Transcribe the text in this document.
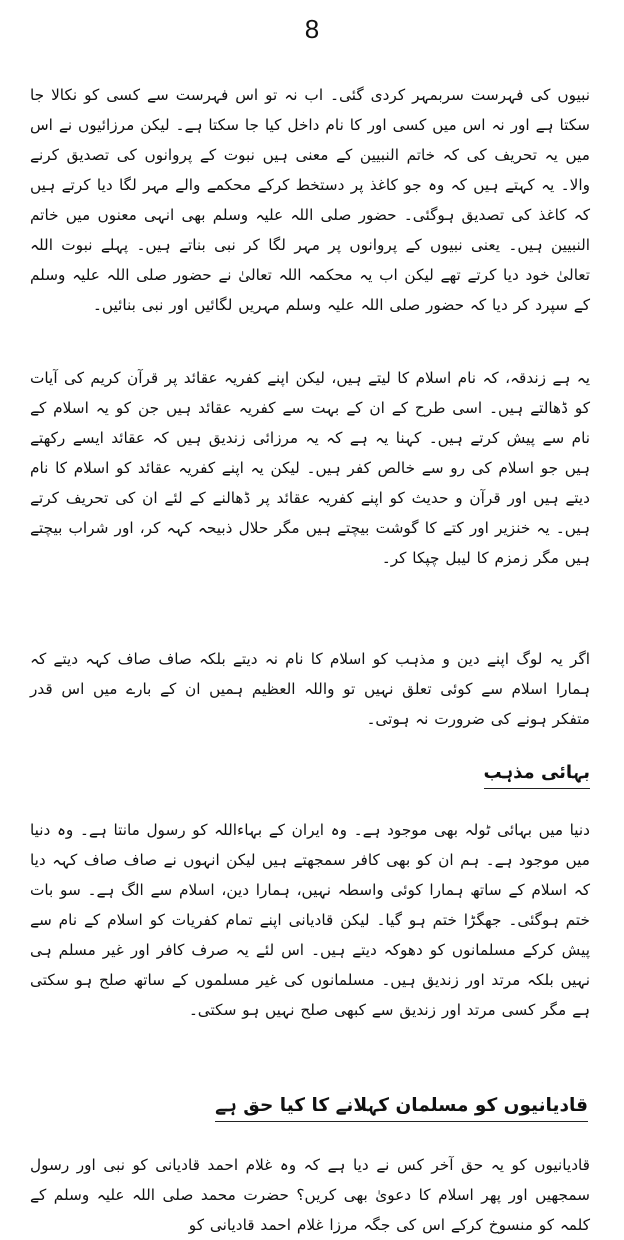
8

نبیوں کی فہرست سربمہر کردی گئی۔ اب نہ تو اس فہرست سے کسی کو نکالا جا سکتا ہے اور نہ اس میں کسی اور کا نام داخل کیا جا سکتا ہے۔ لیکن مرزائیوں نے اس میں یہ تحریف کی کہ خاتم النبیین کے معنی ہیں نبوت کے پروانوں کی تصدیق کرنے والا۔ یہ کہتے ہیں کہ وہ جو کاغذ پر دستخط کرکے محکمے والے مہر لگا دیا کرتے ہیں کہ کاغذ کی تصدیق ہوگئی۔ حضور صلی اللہ علیہ وسلم بھی انہی معنوں میں خاتم النبیین ہیں۔ یعنی نبیوں کے پروانوں پر مہر لگا کر نبی بناتے ہیں۔ پہلے نبوت اللہ تعالیٰ خود دیا کرتے تھے لیکن اب یہ محکمہ اللہ تعالیٰ نے حضور صلی اللہ علیہ وسلم کے سپرد کر دیا کہ حضور صلی اللہ علیہ وسلم مہریں لگائیں اور نبی بنائیں۔

یہ ہے زندقہ، کہ نام اسلام کا لیتے ہیں، لیکن اپنے کفریہ عقائد پر قرآن کریم کی آیات کو ڈھالتے ہیں۔ اسی طرح کے ان کے بہت سے کفریہ عقائد ہیں جن کو یہ اسلام کے نام سے پیش کرتے ہیں۔ کہنا یہ ہے کہ یہ مرزائی زندیق ہیں کہ عقائد ایسے رکھتے ہیں جو اسلام کی رو سے خالص کفر ہیں۔ لیکن یہ اپنے کفریہ عقائد کو اسلام کا نام دیتے ہیں اور قرآن و حدیث کو اپنے کفریہ عقائد پر ڈھالنے کے لئے ان کی تحریف کرتے ہیں۔ یہ خنزیر اور کتے کا گوشت بیچتے ہیں مگر حلال ذبیحہ کہہ کر، اور شراب بیچتے ہیں مگر زمزم کا لیبل چپکا کر۔

اگر یہ لوگ اپنے دین و مذہب کو اسلام کا نام نہ دیتے بلکہ صاف صاف کہہ دیتے کہ ہمارا اسلام سے کوئی تعلق نہیں تو واللہ العظیم ہمیں ان کے بارے میں اس قدر متفکر ہونے کی ضرورت نہ ہوتی۔

بہائی مذہب

دنیا میں بہائی ٹولہ بھی موجود ہے۔ وہ ایران کے بہاءاللہ کو رسول مانتا ہے۔ وہ دنیا میں موجود ہے۔ ہم ان کو بھی کافر سمجھتے ہیں لیکن انہوں نے صاف صاف کہہ دیا کہ اسلام کے ساتھ ہمارا کوئی واسطہ نہیں، ہمارا دین، اسلام سے الگ ہے۔ سو بات ختم ہوگئی۔ جھگڑا ختم ہو گیا۔ لیکن قادیانی اپنے تمام کفریات کو اسلام کے نام سے پیش کرکے مسلمانوں کو دھوکہ دیتے ہیں۔ اس لئے یہ صرف کافر اور غیر مسلم ہی نہیں بلکہ مرتد اور زندیق ہیں۔ مسلمانوں کی غیر مسلموں کے ساتھ صلح ہو سکتی ہے مگر کسی مرتد اور زندیق سے کبھی صلح نہیں ہو سکتی۔

قادیانیوں کو مسلمان کہلانے کا کیا حق ہے

قادیانیوں کو یہ حق آخر کس نے دیا ہے کہ وہ غلام احمد قادیانی کو نبی اور رسول سمجھیں اور پھر اسلام کا دعویٰ بھی کریں؟ حضرت محمد صلی اللہ علیہ وسلم کے کلمہ کو منسوخ کرکے اس کی جگہ مرزا غلام احمد قادیانی کو
